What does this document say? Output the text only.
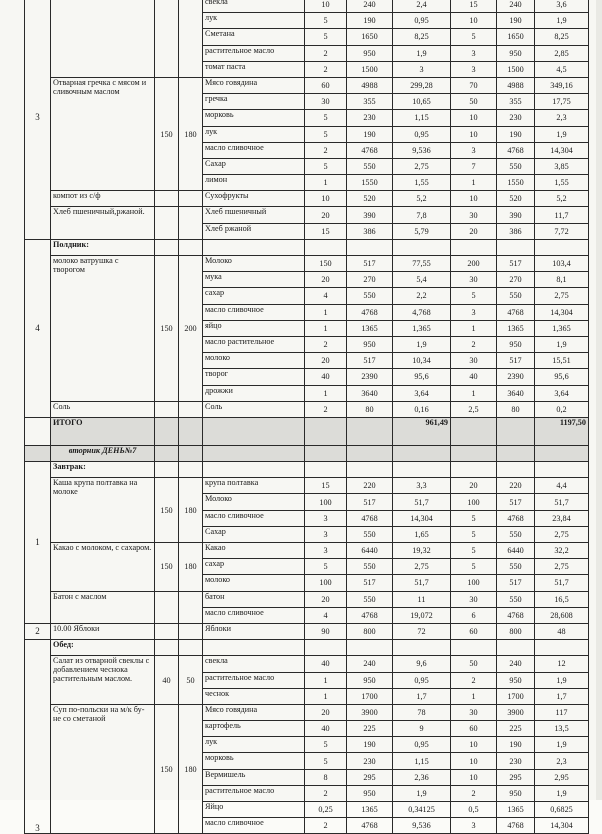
3				свекла	10	240	2,4	15	240	3,6
				лук	5	190	0,95	10	190	1,9
				Сметана	5	1650	8,25	5	1650	8,25
				растительное масло	2	950	1,9	3	950	2,85
				томат паста	2	1500	3	3	1500	4,5
	Отварная гречка с мясом и сливочным маслом	150	180	Мясо говядина	60	4988	299,28	70	4988	349,16
				гречка	30	355	10,65	50	355	17,75
				морковь	5	230	1,15	10	230	2,3
				лук	5	190	0,95	10	190	1,9
				масло сливочное	2	4768	9,536	3	4768	14,304
				Сахар	5	550	2,75	7	550	3,85
				лимон	1	1550	1,55	1	1550	1,55
	компот из с/ф			Сухофрукты	10	520	5,2	10	520	5,2
	Хлеб пшеничный,ржаной.			Хлеб пшеничный	20	390	7,8	30	390	11,7
				Хлеб ржаной	15	386	5,79	20	386	7,72
4	Полдник:									
	молоко ватрушка с творогом	150	200	Молоко	150	517	77,55	200	517	103,4
				мука	20	270	5,4	30	270	8,1
				сахар	4	550	2,2	5	550	2,75
				масло сливочное	1	4768	4,768	3	4768	14,304
				яйцо	1	1365	1,365	1	1365	1,365
				масло растительное	2	950	1,9	2	950	1,9
				молоко	20	517	10,34	30	517	15,51
				творог	40	2390	95,6	40	2390	95,6
				дрожжи	1	3640	3,64	1	3640	3,64
	Соль			Соль	2	80	0,16	2,5	80	0,2
	ИТОГО						961,49			1197,50
	вторник ДЕНЬ№7									
1	Завтрак:									
	Каша крупа полтавка на молоке	150	180	крупа полтавка	15	220	3,3	20	220	4,4
				Молоко	100	517	51,7	100	517	51,7
				масло сливочное	3	4768	14,304	5	4768	23,84
				Сахар	3	550	1,65	5	550	2,75
	Какао с молоком, с сахаром.	150	180	Какао	3	6440	19,32	5	6440	32,2
				сахар	5	550	2,75	5	550	2,75
				молоко	100	517	51,7	100	517	51,7
	Батон с маслом			батон	20	550	11	30	550	16,5
				масло сливочное	4	4768	19,072	6	4768	28,608
2	10.00 Яблоки			Яблоки	90	800	72	60	800	48
3	Обед:									
	Салат из отварной свеклы с добавлением чеснока растительным маслом.	40	50	свекла	40	240	9,6	50	240	12
				растительное масло	1	950	0,95	2	950	1,9
				чеснок	1	1700	1,7	1	1700	1,7
	Суп по-польски на м/к бу- не со сметаной	150	180	Мясо говядина	20	3900	78	30	3900	117
				картофель	40	225	9	60	225	13,5
				лук	5	190	0,95	10	190	1,9
				морковь	5	230	1,15	10	230	2,3
				Вермишель	8	295	2,36	10	295	2,95
				растительное масло	2	950	1,9	2	950	1,9
				Яйцо	0,25	1365	0,34125	0,5	1365	0,6825
				масло сливочное	2	4768	9,536	3	4768	14,304
